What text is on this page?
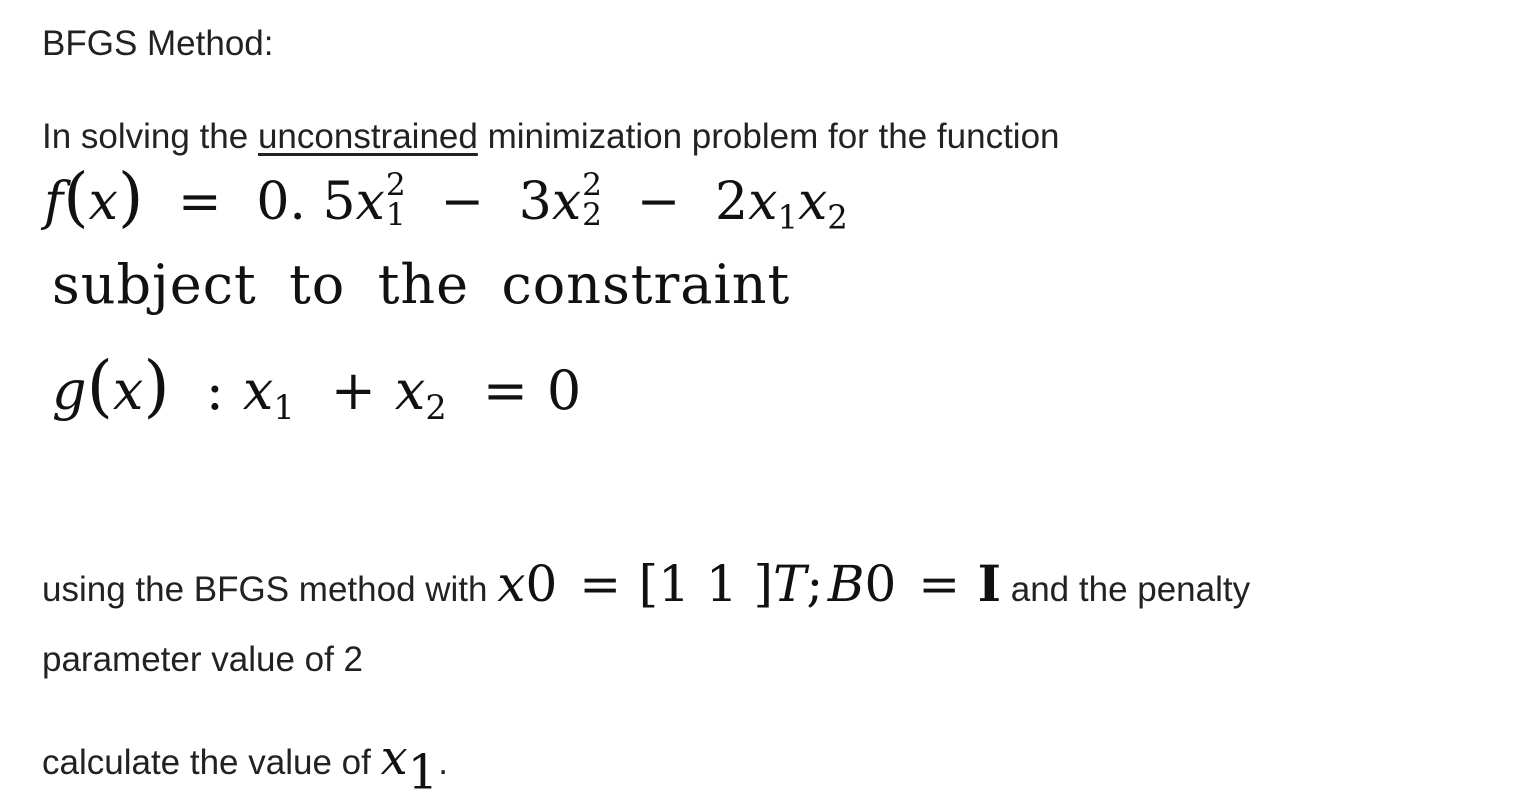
BFGS Method:
In solving the unconstrained minimization problem for the function
f(x) = 0. 5x 2
1 − 3x 2
$2 - 2x_1x_2$
subject to the constraint
g(x) : $x_1 + x_2 = 0$
using the BFGS method with x0 = [1 1 ]T; B0 = I and the penalty
parameter value of 2
calculate the value of x1.
